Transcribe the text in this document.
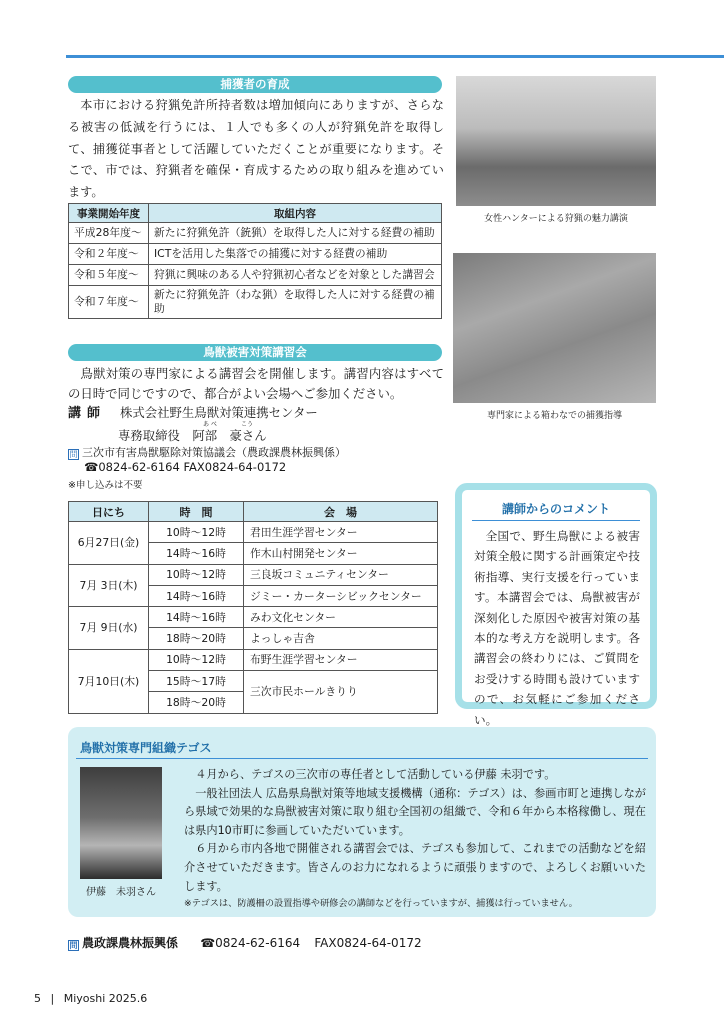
捕獲者の育成
本市における狩猟免許所持者数は増加傾向にありますが、さらなる被害の低減を行うには、１人でも多くの人が狩猟免許を取得して、捕獲従事者として活躍していただくことが重要になります。そこで、市では、狩猟者を確保・育成するための取り組みを進めています。
女性ハンターによる狩猟の魅力講演
専門家による箱わなでの捕獲指導
事業開始年度	取組内容
平成28年度〜	新たに狩猟免許（銃猟）を取得した人に対する経費の補助
令和２年度〜	ICTを活用した集落での捕獲に対する経費の補助
令和５年度〜	狩猟に興味のある人や狩猟初心者などを対象とした講習会
令和７年度〜	新たに狩猟免許（わな猟）を取得した人に対する経費の補助
鳥獣被害対策講習会
鳥獣対策の専門家による講習会を開催します。講習内容はすべての日時で同じですので、都合がよい会場へご参加ください。
講師 株式会社野生鳥獣対策連携センター
専務取締役　阿部　豪さん
あ べ	こう
問 三次市有害鳥獣駆除対策協議会（農政課農林振興係）
☎0824-62-6164 FAX0824-64-0172
※申し込みは不要
日にち	時　間	会　場
6月27日(金)	10時〜12時	君田生涯学習センター
	14時〜16時	作木山村開発センター
7月 3日(木)	10時〜12時	三良坂コミュニティセンター
	14時〜16時	ジミー・カーターシビックセンター
7月 9日(水)	14時〜16時	みわ文化センター
	18時〜20時	よっしゃ吉舎
7月10日(木)	10時〜12時	布野生涯学習センター
	15時〜17時	三次市民ホールきりり
	18時〜20時	
講師からのコメント
全国で、野生鳥獣による被害対策全般に関する計画策定や技術指導、実行支援を行っています。本講習会では、鳥獣被害が深刻化した原因や被害対策の基本的な考え方を説明します。各講習会の終わりには、ご質問をお受けする時間も設けていますので、お気軽にご参加ください。
鳥獣対策専門組織テゴス
伊藤　未羽さん

４月から、テゴスの三次市の専任者として活動している伊藤 未羽です。

一般社団法人 広島県鳥獣対策等地域支援機構（通称：テゴス）は、参画市町と連携しながら県域で効果的な鳥獣被害対策に取り組む全国初の組織で、令和６年から本格稼働し、現在は県内10市町に参画していただいています。

６月から市内各地で開催される講習会では、テゴスも参加して、これまでの活動などを紹介させていただきます。皆さんのお力になれるように頑張りますので、よろしくお願いいたします。

※テゴスは、防護柵の設置指導や研修会の講師などを行っていますが、捕獲は行っていません。
問 農政課農林振興係 ☎0824-62-6164 FAX0824-64-0172
5 | Miyoshi 2025.6
